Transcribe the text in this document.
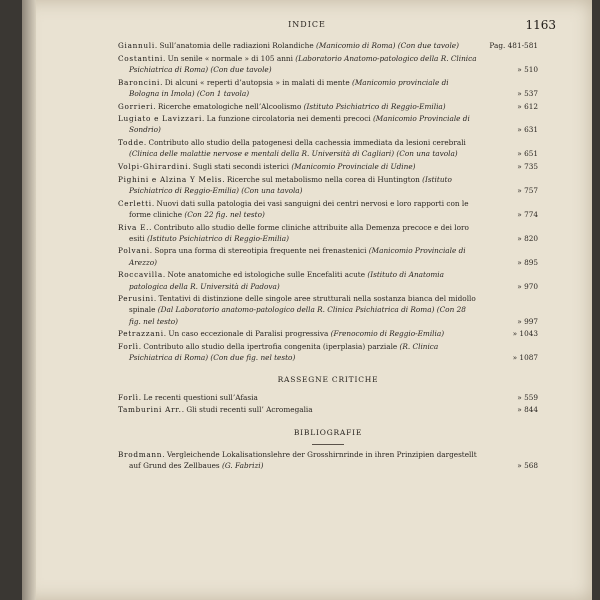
INDICE	1163
Giannuli. Sull’anatomia delle radiazioni Rolandiche (Manicomio di Roma) (Con due tavole)	Pag. 481-581
Costantini. Un senile « normale » di 105 anni (Laboratorio Anatomo-patologico della R. Clinica Psichiatrica di Roma) (Con due tavole)	» 510
Baroncini. Di alcuni « reperti d’autopsia » in malati di mente (Manicomio provinciale di Bologna in Imola) (Con 1 tavola)	» 537
Gorrieri. Ricerche ematologiche nell’Alcoolismo (Istituto Psichiatrico di Reggio-Emilia)	» 612
Lugiato e Lavizzari. La funzione circolatoria nei dementi precoci (Manicomio Provinciale di Sondrio)	» 631
Todde. Contributo allo studio della patogenesi della cachessia immediata da lesioni cerebrali (Clinica delle malattie nervose e mentali della R. Università di Cagliari) (Con una tavola)	» 651
Volpi-Ghirardini. Sugli stati secondi isterici (Manicomio Provinciale di Udine)	» 735
Pighini e Alzina Y Melis. Ricerche sul metabolismo nella corea di Huntington (Istituto Psichiatrico di Reggio-Emilia) (Con una tavola)	» 757
Cerletti. Nuovi dati sulla patologia dei vasi sanguigni dei centri nervosi e loro rapporti con le forme cliniche (Con 22 fig. nel testo)	» 774
Riva E.. Contributo allo studio delle forme cliniche attribuite alla Demenza precoce e dei loro esiti (Istituto Psichiatrico di Reggio-Emilia)	» 820
Polvani. Sopra una forma di stereotipia frequente nei frenastenici (Manicomio Provinciale di Arezzo)	» 895
Roccavilla. Note anatomiche ed istologiche sulle Encefaliti acute (Istituto di Anatomia patologica della R. Università di Padova)	» 970
Perusini. Tentativi di distinzione delle singole aree strutturali nella sostanza bianca del midollo spinale (Dal Laboratorio anatomo-patologico della R. Clinica Psichiatrica di Roma) (Con 28 fig. nel testo)	» 997
Petrazzani. Un caso eccezionale di Paralisi progressiva (Frenocomio di Reggio-Emilia)	» 1043
Forlì. Contributo allo studio della ipertrofia congenita (iperplasia) parziale (R. Clinica Psichiatrica di Roma) (Con due fig. nel testo)	» 1087
RASSEGNE CRITICHE
Forlì. Le recenti questioni sull’Afasia	» 559
Tamburini Arr.. Gli studi recenti sull’ Acromegalia	» 844
BIBLIOGRAFIE
Brodmann. Vergleichende Lokalisationslehre der Grosshirnrinde in ihren Prinzipien dargestellt auf Grund des Zellbaues (G. Fabrizi)	» 568
